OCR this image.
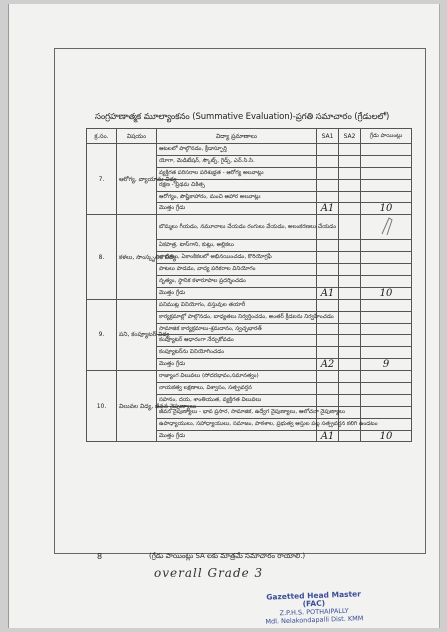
సంగ్రహణాత్మక మూల్యాంకనం (Summative Evaluation)-ప్రగతి సమాచారం (గ్రేడులలో)
క్ర.సం.	విషయం	విద్యా ప్రమాణాలు	SA1	SA2	గ్రేడు పాయింట్లు
7.	ఆరోగ్య, వ్యాయామ విద్య	ఆటలలో పాల్గొనడం, క్రీడాస్ఫూర్తి			
		యోగా, మెడిటేషన్, స్కౌట్స్, గైడ్స్, ఎన్.సి.సి.			
		వ్యక్తిగత పరిసరాల పరిశుభ్రత - ఆరోగ్య అలవాట్లు			
		రక్షణ - ప్రథమ చికిత్స			
		ఆరోగ్యం, పౌష్టికాహారం, మంచి ఆహార అలవాట్లు			
		మొత్తం గ్రేడు	A1		10
8.	కళలు, సాంస్కృతిక విద్య	బొమ్మలు గీయడం, నమూనాలు చేయడం రంగులు వేయడం, అలంకరణలు చేయడం			
		ఏకపాత్ర, టాస్‌గాని, కుట్లు, అల్లికలు			
		నాటికలు, ఏకాంకికలలో అభినయించడం, కొరియోగ్రఫీ			
		పాటలు పాడడం, వాద్య పరికరాల వినియోగం			
		నృత్యం, స్థానిక కళారూపాల ప్రదర్శించడం			
		మొత్తం గ్రేడు	A1		10
9.	పని, కంప్యూటర్ విద్య	పనిముట్ల వినియోగం, వస్తువుల తయారీ			
		కార్యక్రమాల్లో పాల్గొనడం, బాధ్యతలు నిర్వర్తించడం, అంతర్ క్రీడలను నిర్వహించడం			
		సామాజిక కార్యక్రమాలు-శ్రమదానం, స్వచ్ఛభారత్			
		కంప్యూటర్ ఆధారంగా నేర్చుకోవడం			
		కంప్యూటర్‌ను వినియోగించడం			
		మొత్తం గ్రేడు	A2		9
10.	విలువల విద్య, జీవన నైపుణ్యాలు	రాజ్యాంగ విలువలు (సోదరభావం,సమానత్వం)			
		నాయకత్వ లక్షణాలు, విశ్వాసం, సత్ప్రవర్తన			
		సహనం, దయ, శాంతియుత, వ్యక్తిగత విలువలు			
		జీవన నైపుణ్యాలు - భావ ప్రసార, సామాజిక, ఉద్వేగ నైపుణ్యాలు, ఆలోచనా నైపుణ్యాలు			
		ఉపాధ్యాయులు, సహాధ్యాయులు, సమాజం, పాఠశాల, ప్రభుత్వ ఆస్తుల పట్ల సత్ప్రవర్తన కలిగి ఉండటం			
		మొత్తం గ్రేడు	A1		10
8	(గ్రేడు పాయింట్లు SA లకు మాత్రమే సమాచారం రాయాలి.)
overall Grade 3
Gazetted Head Master (FAC)
Z.P.H.S. POTHAIPALLY
Mdl. Nelakondapalli Dist. KMM
